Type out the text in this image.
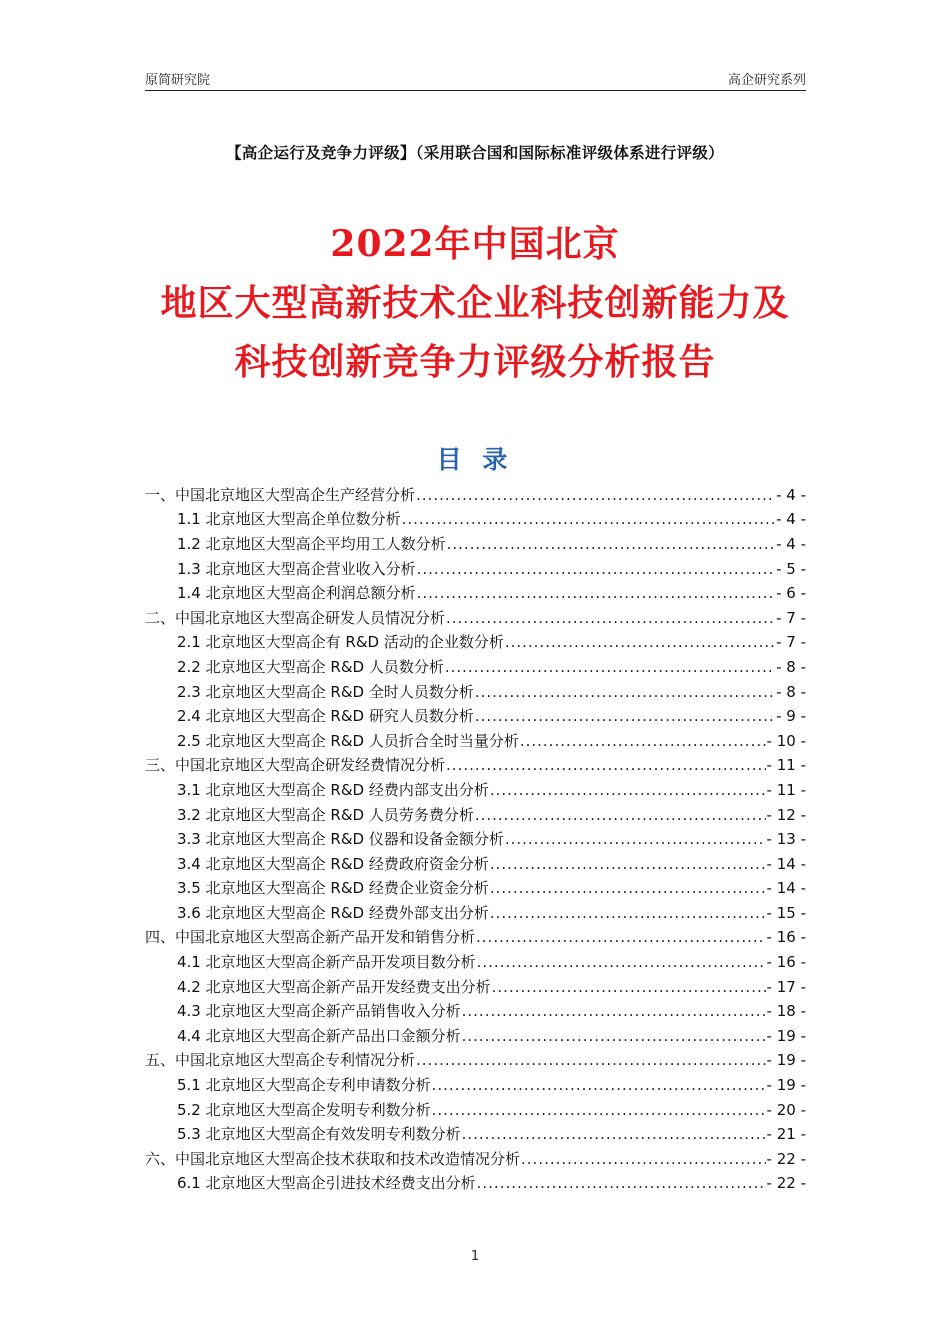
原简研究院	高企研究系列
【高企运行及竞争力评级】（采用联合国和国际标准评级体系进行评级）
2022年中国北京
地区大型高新技术企业科技创新能力及
科技创新竞争力评级分析报告
目 录
一、中国北京地区大型高企生产经营分析 .....	- 4 -
1.1 北京地区大型高企单位数分析 .....	- 4 -
1.2 北京地区大型高企平均用工人数分析 .....	- 4 -
1.3 北京地区大型高企营业收入分析 .....	- 5 -
1.4 北京地区大型高企利润总额分析 .....	- 6 -
二、中国北京地区大型高企研发人员情况分析 .....	- 7 -
2.1 北京地区大型高企有 R&D 活动的企业数分析 .....	- 7 -
2.2 北京地区大型高企 R&D 人员数分析 .....	- 8 -
2.3 北京地区大型高企 R&D 全时人员数分析 .....	- 8 -
2.4 北京地区大型高企 R&D 研究人员数分析 .....	- 9 -
2.5 北京地区大型高企 R&D 人员折合全时当量分析 .....	- 10 -
三、中国北京地区大型高企研发经费情况分析 .....	- 11 -
3.1 北京地区大型高企 R&D 经费内部支出分析 .....	- 11 -
3.2 北京地区大型高企 R&D 人员劳务费分析 .....	- 12 -
3.3 北京地区大型高企 R&D 仪器和设备金额分析 .....	- 13 -
3.4 北京地区大型高企 R&D 经费政府资金分析 .....	- 14 -
3.5 北京地区大型高企 R&D 经费企业资金分析 .....	- 14 -
3.6 北京地区大型高企 R&D 经费外部支出分析 .....	- 15 -
四、中国北京地区大型高企新产品开发和销售分析 .....	- 16 -
4.1 北京地区大型高企新产品开发项目数分析 .....	- 16 -
4.2 北京地区大型高企新产品开发经费支出分析 .....	- 17 -
4.3 北京地区大型高企新产品销售收入分析 .....	- 18 -
4.4 北京地区大型高企新产品出口金额分析 .....	- 19 -
五、中国北京地区大型高企专利情况分析 .....	- 19 -
5.1 北京地区大型高企专利申请数分析 .....	- 19 -
5.2 北京地区大型高企发明专利数分析 .....	- 20 -
5.3 北京地区大型高企有效发明专利数分析 .....	- 21 -
六、中国北京地区大型高企技术获取和技术改造情况分析 .....	- 22 -
6.1 北京地区大型高企引进技术经费支出分析 .....	- 22 -
1
